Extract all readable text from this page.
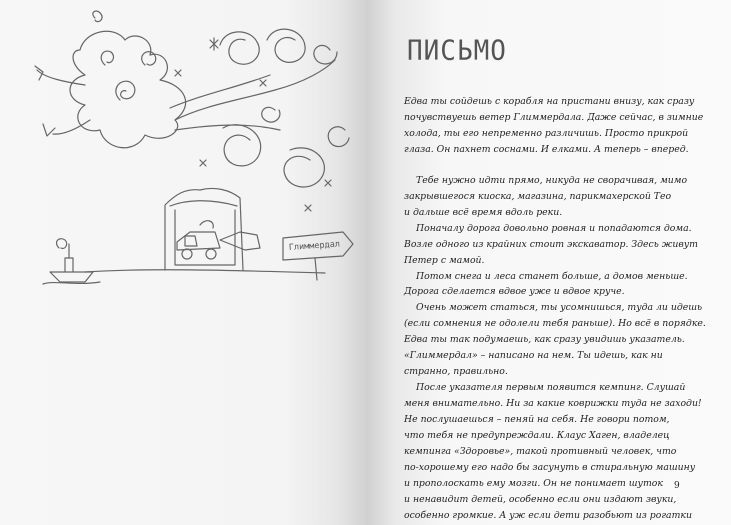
Глиммердал
ПИСЬМО

Едва ты сойдешь с корабля на пристани внизу, как сразу

почувствуешь ветер Глиммердала. Даже сейчас, в зимние

холода, ты его непременно различишь. Просто прикрой

глаза. Он пахнет соснами. И елками. А теперь – вперед.

Тебе нужно идти прямо, никуда не сворачивая, мимо

закрывшегося киоска, магазина, парикмахерской Тео

и дальше всё время вдоль реки.

Поначалу дорога довольно ровная и попадаются дома.

Возле одного из крайних стоит экскаватор. Здесь живут

Петер с мамой.

Потом снега и леса станет больше, а домов меньше.

Дорога сделается вдвое уже и вдвое круче.

Очень может статься, ты усомнишься, туда ли идешь

(если сомнения не одолели тебя раньше). Но всё в порядке.

Едва ты так подумаешь, как сразу увидишь указатель.

«Глиммердал» – написано на нем. Ты идешь, как ни

странно, правильно.

После указателя первым появится кемпинг. Слушай

меня внимательно. Ни за какие коврижки туда не заходи!

Не послушаешься – пеняй на себя. Не говори потом,

что тебя не предупреждали. Клаус Хаген, владелец

кемпинга «Здоровье», такой противный человек, что

по-хорошему его надо бы засунуть в стиральную машину

и прополоскать ему мозги. Он не понимает шуток

и ненавидит детей, особенно если они издают звуки,

особенно громкие. А уж если дети разобьют из рогатки

9
